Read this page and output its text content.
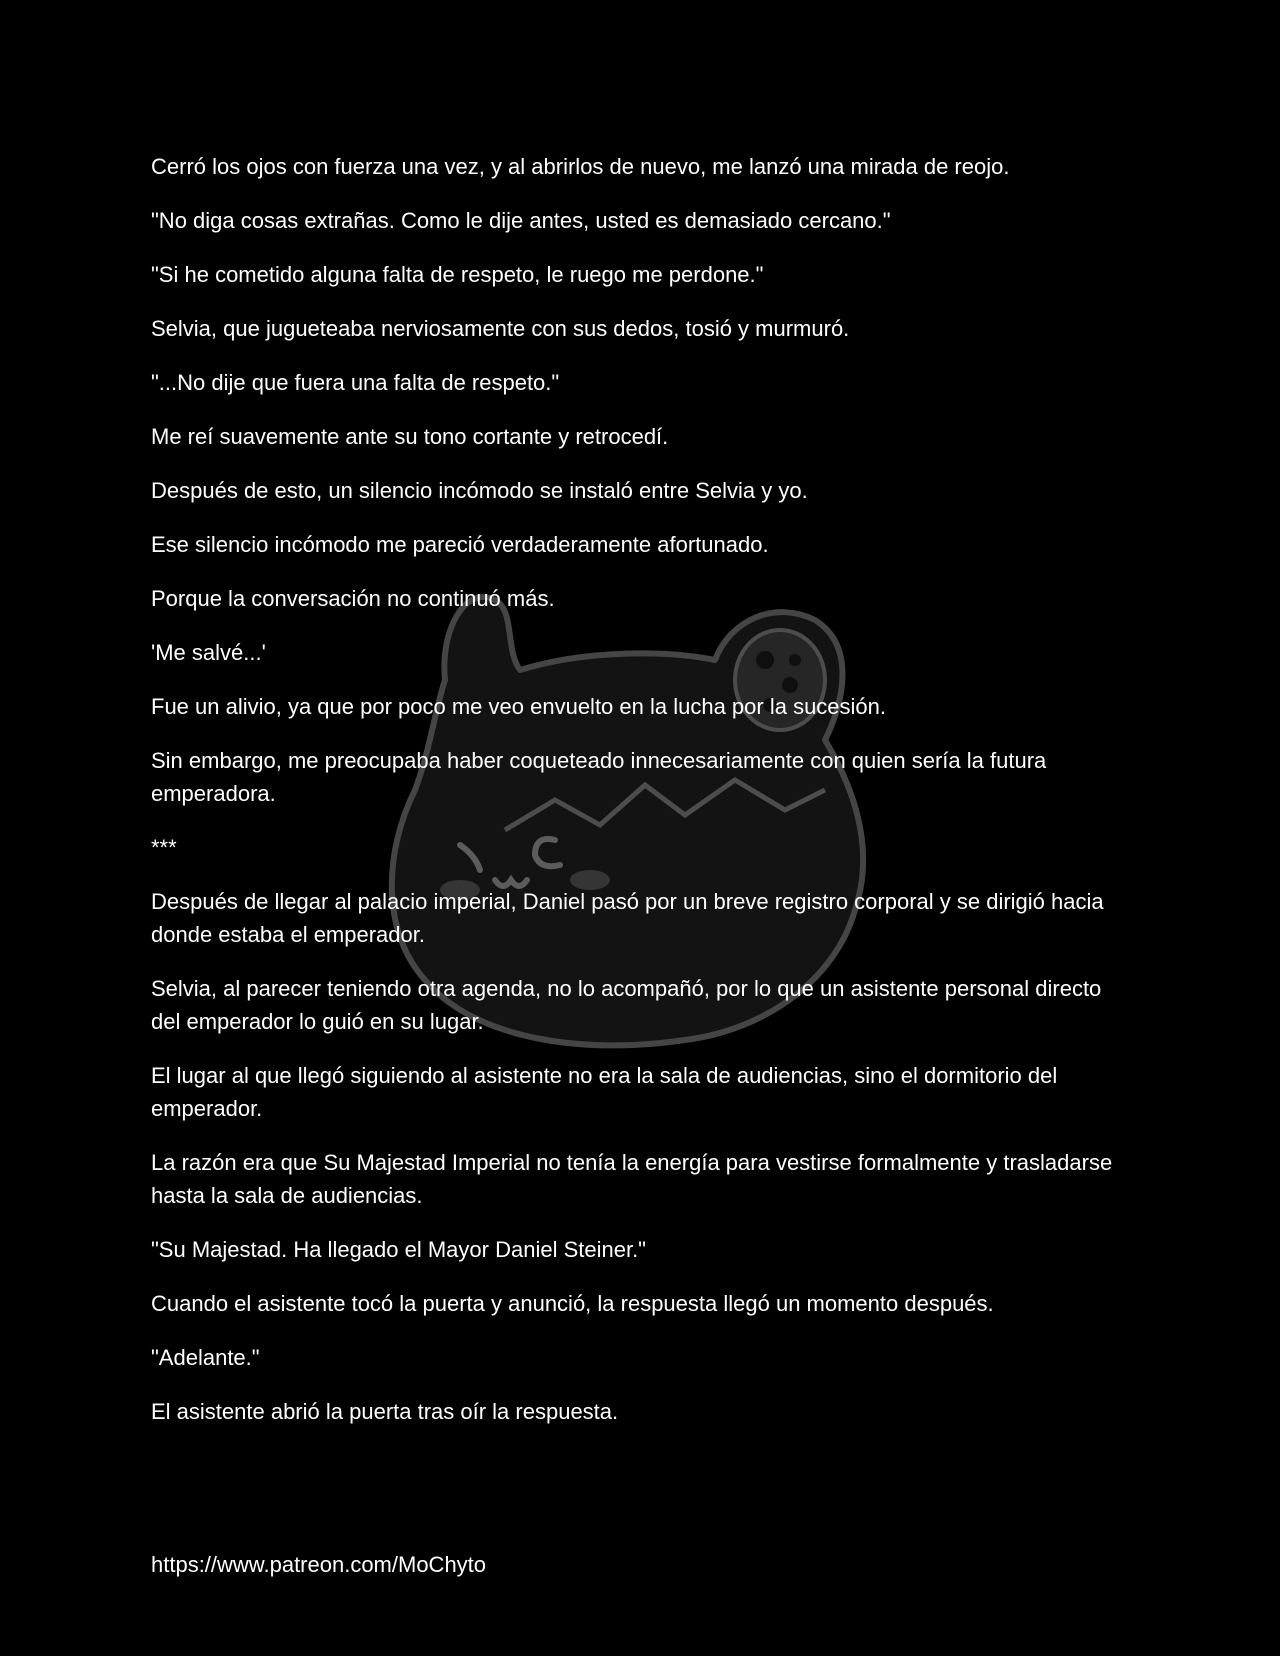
Cerró los ojos con fuerza una vez, y al abrirlos de nuevo, me lanzó una mirada de reojo.

"No diga cosas extrañas. Como le dije antes, usted es demasiado cercano."

"Si he cometido alguna falta de respeto, le ruego me perdone."

Selvia, que jugueteaba nerviosamente con sus dedos, tosió y murmuró.

"...No dije que fuera una falta de respeto."

Me reí suavemente ante su tono cortante y retrocedí.

Después de esto, un silencio incómodo se instaló entre Selvia y yo.

Ese silencio incómodo me pareció verdaderamente afortunado.

Porque la conversación no continuó más.

'Me salvé...'

Fue un alivio, ya que por poco me veo envuelto en la lucha por la sucesión.

Sin embargo, me preocupaba haber coqueteado innecesariamente con quien sería la futura emperadora.

***

Después de llegar al palacio imperial, Daniel pasó por un breve registro corporal y se dirigió hacia donde estaba el emperador.

Selvia, al parecer teniendo otra agenda, no lo acompañó, por lo que un asistente personal directo del emperador lo guió en su lugar.

El lugar al que llegó siguiendo al asistente no era la sala de audiencias, sino el dormitorio del emperador.

La razón era que Su Majestad Imperial no tenía la energía para vestirse formalmente y trasladarse hasta la sala de audiencias.

"Su Majestad. Ha llegado el Mayor Daniel Steiner."

Cuando el asistente tocó la puerta y anunció, la respuesta llegó un momento después.

"Adelante."

El asistente abrió la puerta tras oír la respuesta.

https://www.patreon.com/MoChyto
